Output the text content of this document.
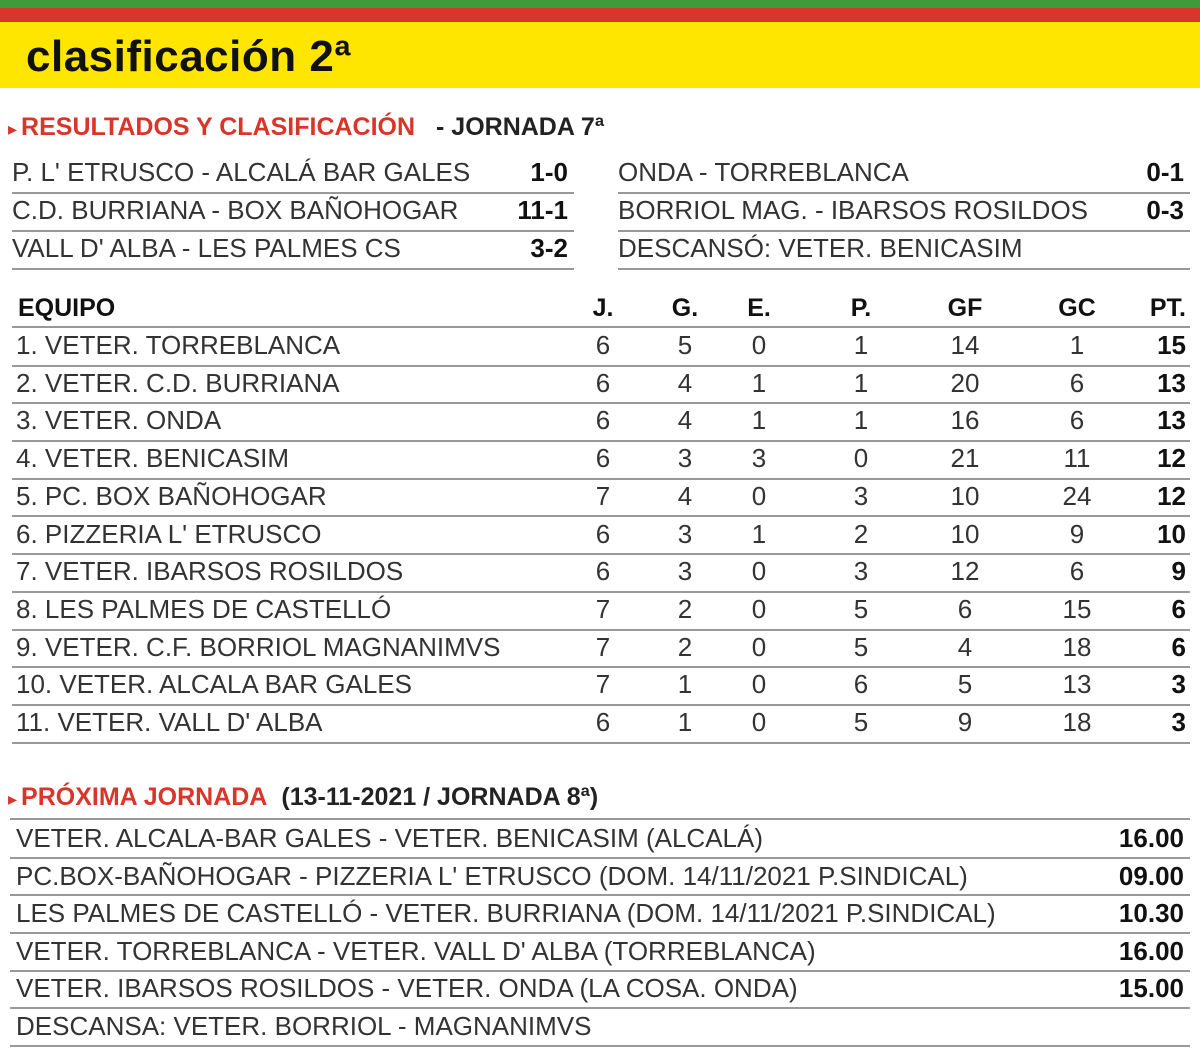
clasificación 2ª
▸ RESULTADOS Y CLASIFICACIÓN - JORNADA 7ª
P. L' ETRUSCO - ALCALÁ BAR GALES 1-0
C.D. BURRIANA - BOX BAÑOHOGAR 11-1
VALL D' ALBA - LES PALMES CS	3-2
ONDA - TORREBLANCA	0-1
BORRIOL MAG. - IBARSOS ROSILDOS 0-3
DESCANSÓ: VETER. BENICASIM
EQUIPO	J.	G.	E.	P.	GF	GC	PT.
1. VETER. TORREBLANCA	6	5	0	1	14	1	15
2. VETER. C.D. BURRIANA	6	4	1	1	20	6	13
3. VETER. ONDA	6	4	1	1	16	6	13
4. VETER. BENICASIM	6	3	3	0	21	11	12
5. PC. BOX BAÑOHOGAR	7	4	0	3	10	24	12
6. PIZZERIA L' ETRUSCO	6	3	1	2	10	9	10
7. VETER. IBARSOS ROSILDOS	6	3	0	3	12	6	9
8. LES PALMES DE CASTELLÓ	7	2	0	5	6	15	6
9. VETER. C.F. BORRIOL MAGNANIMVS	7	2	0	5	4	18	6
10. VETER. ALCALA BAR GALES	7	1	0	6	5	13	3
11. VETER. VALL D' ALBA	6	1	0	5	9	18	3
▸ PRÓXIMA JORNADA (13-11-2021 / JORNADA 8ª)
VETER. ALCALA-BAR GALES - VETER. BENICASIM (ALCALÁ)	16.00
PC.BOX-BAÑOHOGAR - PIZZERIA L' ETRUSCO (DOM. 14/11/2021 P.SINDICAL)	09.00
LES PALMES DE CASTELLÓ - VETER. BURRIANA (DOM. 14/11/2021 P.SINDICAL)	10.30
VETER. TORREBLANCA - VETER. VALL D' ALBA (TORREBLANCA)	16.00
VETER. IBARSOS ROSILDOS - VETER. ONDA (LA COSA. ONDA)	15.00
DESCANSA: VETER. BORRIOL - MAGNANIMVS
